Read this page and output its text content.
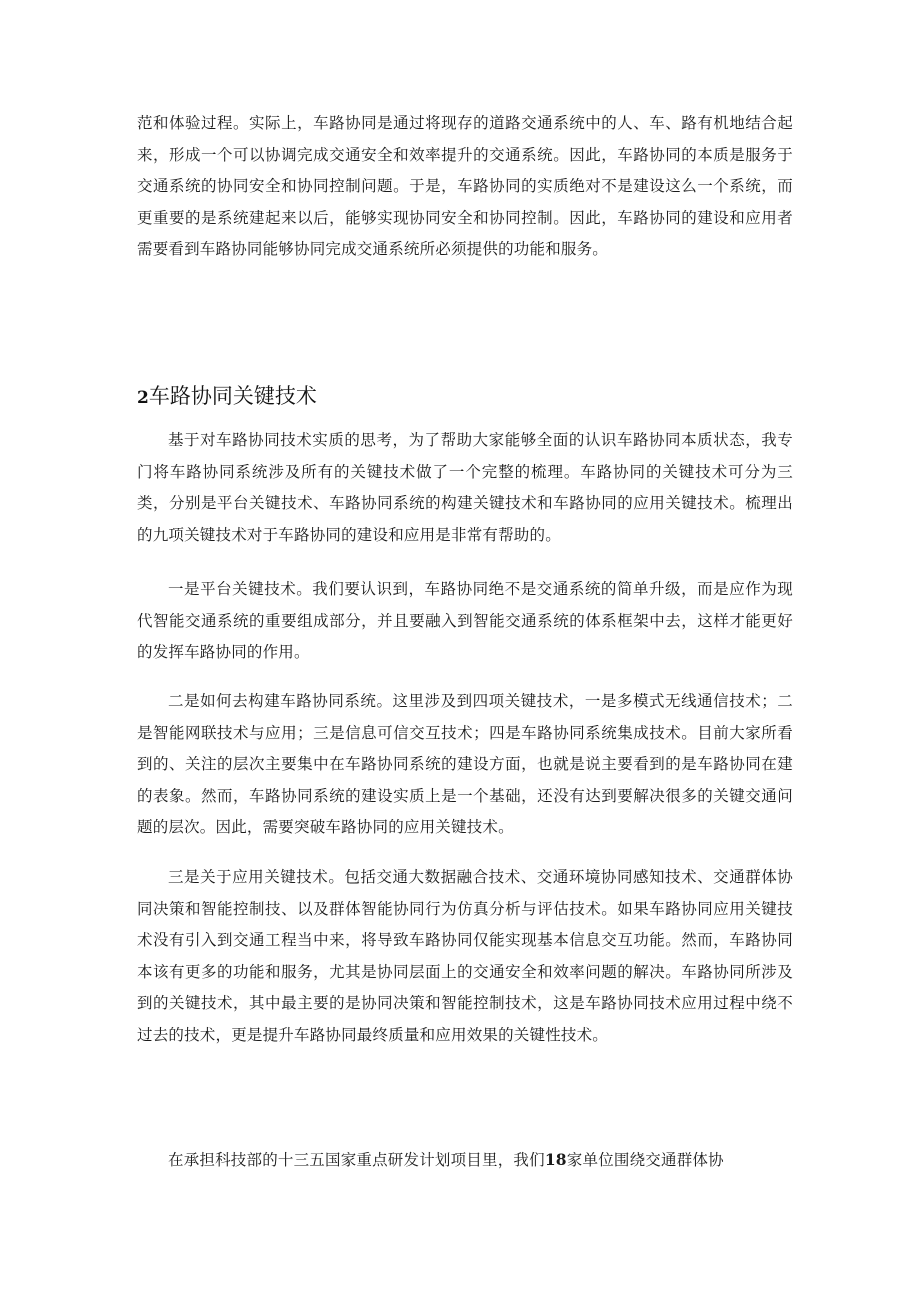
范和体验过程。实际上，车路协同是通过将现存的道路交通系统中的人、车、路有机地结合起来，形成一个可以协调完成交通安全和效率提升的交通系统。因此，车路协同的本质是服务于交通系统的协同安全和协同控制问题。于是，车路协同的实质绝对不是建设这么一个系统，而更重要的是系统建起来以后，能够实现协同安全和协同控制。因此，车路协同的建设和应用者需要看到车路协同能够协同完成交通系统所必须提供的功能和服务。

2车路协同关键技术

基于对车路协同技术实质的思考，为了帮助大家能够全面的认识车路协同本质状态，我专门将车路协同系统涉及所有的关键技术做了一个完整的梳理。车路协同的关键技术可分为三类，分别是平台关键技术、车路协同系统的构建关键技术和车路协同的应用关键技术。梳理出的九项关键技术对于车路协同的建设和应用是非常有帮助的。

一是平台关键技术。我们要认识到，车路协同绝不是交通系统的简单升级，而是应作为现代智能交通系统的重要组成部分，并且要融入到智能交通系统的体系框架中去，这样才能更好的发挥车路协同的作用。

二是如何去构建车路协同系统。这里涉及到四项关键技术，一是多模式无线通信技术；二是智能网联技术与应用；三是信息可信交互技术；四是车路协同系统集成技术。目前大家所看到的、关注的层次主要集中在车路协同系统的建设方面，也就是说主要看到的是车路协同在建的表象。然而，车路协同系统的建设实质上是一个基础，还没有达到要解决很多的关键交通问题的层次。因此，需要突破车路协同的应用关键技术。

三是关于应用关键技术。包括交通大数据融合技术、交通环境协同感知技术、交通群体协同决策和智能控制技、以及群体智能协同行为仿真分析与评估技术。如果车路协同应用关键技术没有引入到交通工程当中来，将导致车路协同仅能实现基本信息交互功能。然而，车路协同本该有更多的功能和服务，尤其是协同层面上的交通安全和效率问题的解决。车路协同所涉及到的关键技术，其中最主要的是协同决策和智能控制技术，这是车路协同技术应用过程中绕不过去的技术，更是提升车路协同最终质量和应用效果的关键性技术。

在承担科技部的十三五国家重点研发计划项目里，我们18家单位围绕交通群体协
